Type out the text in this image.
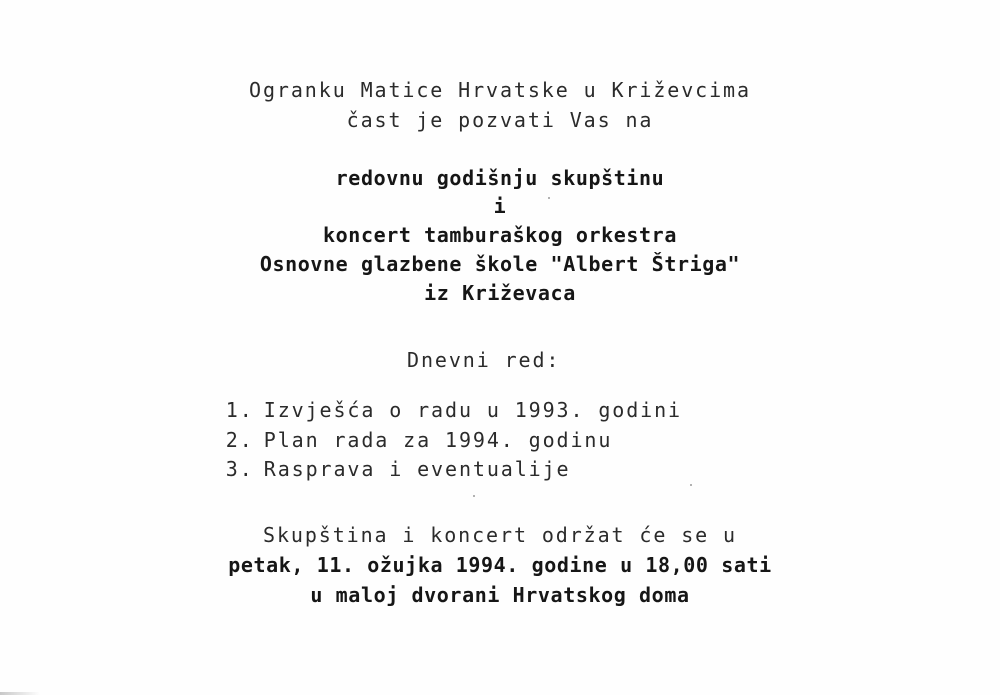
Ogranku Matice Hrvatske u Križevcima
čast je pozvati Vas na
redovnu godišnju skupštinu
i
koncert tamburaškog orkestra
Osnovne glazbene škole "Albert Štriga"
iz Križevaca
Dnevni red:

1. Izvješća o radu u 1993. godini

2. Plan rada za 1994. godinu

3. Rasprava i eventualije

Skupština i koncert održat će se u
petak, 11. ožujka 1994. godine u 18,00 sati
u maloj dvorani Hrvatskog doma
